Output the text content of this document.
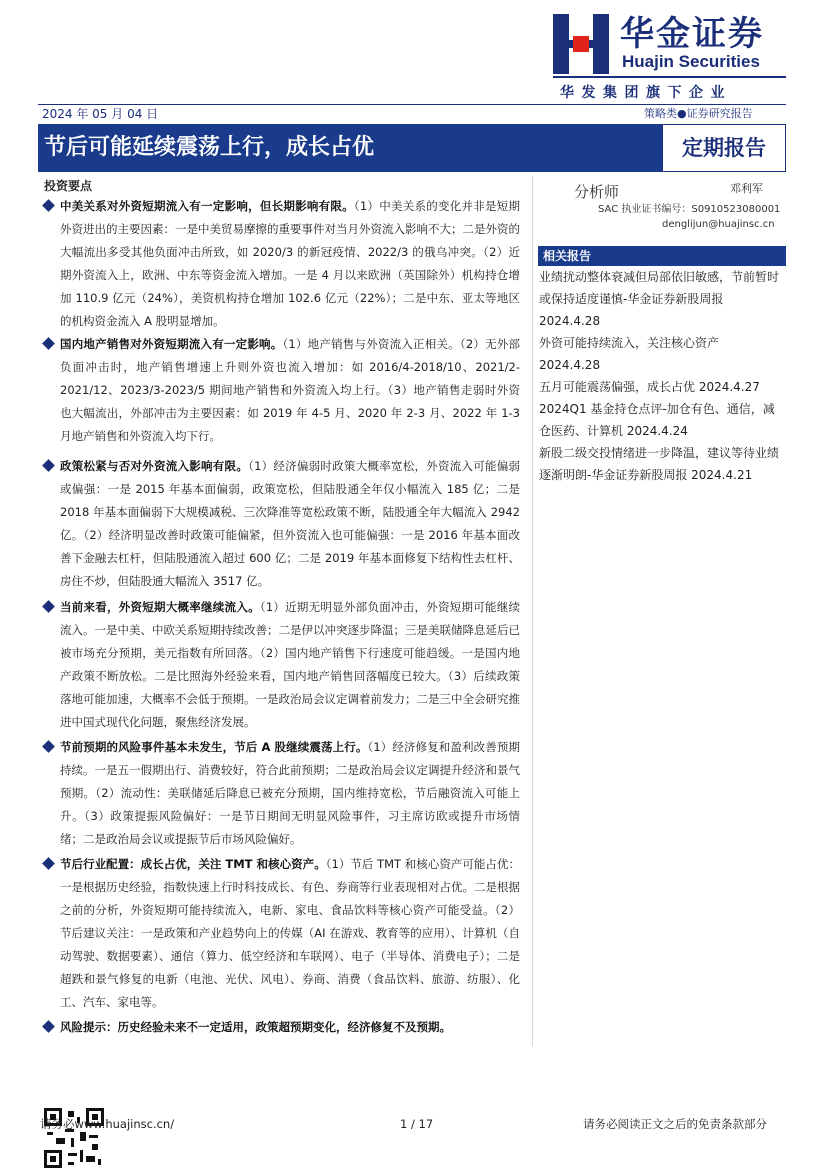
华金证券
Huajin Securities
华发集团旗下企业
2024 年 05 月 04 日	策略类●证券研究报告
节后可能延续震荡上行，成长占优	定期报告
投资要点

中美关系对外资短期流入有一定影响，但长期影响有限。（1）中美关系的变化并非是短期外资进出的主要因素：一是中美贸易摩擦的重要事件对当月外资流入影响不大；二是外资的大幅流出多受其他负面冲击所致，如 2020/3 的新冠疫情、2022/3 的俄乌冲突。（2）近期外资流入上，欧洲、中东等资金流入增加。一是 4 月以来欧洲（英国除外）机构持仓增加 110.9 亿元（24%），美资机构持仓增加 102.6 亿元（22%）；二是中东、亚太等地区的机构资金流入 A 股明显增加。

国内地产销售对外资短期流入有一定影响。（1）地产销售与外资流入正相关。（2）无外部负面冲击时，地产销售增速上升则外资也流入增加：如 2016/4-2018/10、2021/2-2021/12、2023/3-2023/5 期间地产销售和外资流入均上行。（3）地产销售走弱时外资也大幅流出，外部冲击为主要因素：如 2019 年 4-5 月、2020 年 2-3 月、2022 年 1-3 月地产销售和外资流入均下行。

政策松紧与否对外资流入影响有限。（1）经济偏弱时政策大概率宽松，外资流入可能偏弱或偏强：一是 2015 年基本面偏弱，政策宽松，但陆股通全年仅小幅流入 185 亿；二是 2018 年基本面偏弱下大规模减税、三次降准等宽松政策不断，陆股通全年大幅流入 2942 亿。（2）经济明显改善时政策可能偏紧，但外资流入也可能偏强：一是 2016 年基本面改善下金融去杠杆，但陆股通流入超过 600 亿；二是 2019 年基本面修复下结构性去杠杆、房住不炒，但陆股通大幅流入 3517 亿。

当前来看，外资短期大概率继续流入。（1）近期无明显外部负面冲击，外资短期可能继续流入。一是中美、中欧关系短期持续改善；二是伊以冲突逐步降温；三是美联储降息延后已被市场充分预期，美元指数有所回落。（2）国内地产销售下行速度可能趋缓。一是国内地产政策不断放松。二是比照海外经验来看，国内地产销售回落幅度已较大。（3）后续政策落地可能加速，大概率不会低于预期。一是政治局会议定调着前发力；二是三中全会研究推进中国式现代化问题，聚焦经济发展。

节前预期的风险事件基本未发生，节后 A 股继续震荡上行。（1）经济修复和盈利改善预期持续。一是五一假期出行、消费较好，符合此前预期；二是政治局会议定调提升经济和景气预期。（2）流动性：美联储延后降息已被充分预期，国内维持宽松，节后融资流入可能上升。（3）政策提振风险偏好：一是节日期间无明显风险事件，习主席访欧或提升市场情绪；二是政治局会议或提振节后市场风险偏好。

节后行业配置：成长占优，关注 TMT 和核心资产。（1）节后 TMT 和核心资产可能占优：一是根据历史经验，指数快速上行时科技成长、有色、券商等行业表现相对占优。二是根据之前的分析，外资短期可能持续流入，电新、家电、食品饮料等核心资产可能受益。（2）节后建议关注：一是政策和产业趋势向上的传媒（AI 在游戏、教育等的应用）、计算机（自动驾驶、数据要素）、通信（算力、低空经济和车联网）、电子（半导体、消费电子）；二是超跌和景气修复的电新（电池、光伏、风电）、券商、消费（食品饮料、旅游、纺服）、化工、汽车、家电等。

风险提示：历史经验未来不一定适用，政策超预期变化，经济修复不及预期。

分析师	邓利军
SAC 执业证书编号：S0910523080001
denglijun@huajinsc.cn
相关报告
业绩扰动整体衰减但局部依旧敏感，节前暂时或保持适度谨慎-华金证券新股周报 2024.4.28
外资可能持续流入，关注核心资产 2024.4.28
五月可能震荡偏强，成长占优 2024.4.27
2024Q1 基金持仓点评-加仓有色、通信，减仓医药、计算机 2024.4.24
新股二级交投情绪进一步降温，建议等待业绩逐渐明朗-华金证券新股周报 2024.4.21
请务必www.huajinsc.cn/	1 / 17	请务必阅读正文之后的免责条款部分
